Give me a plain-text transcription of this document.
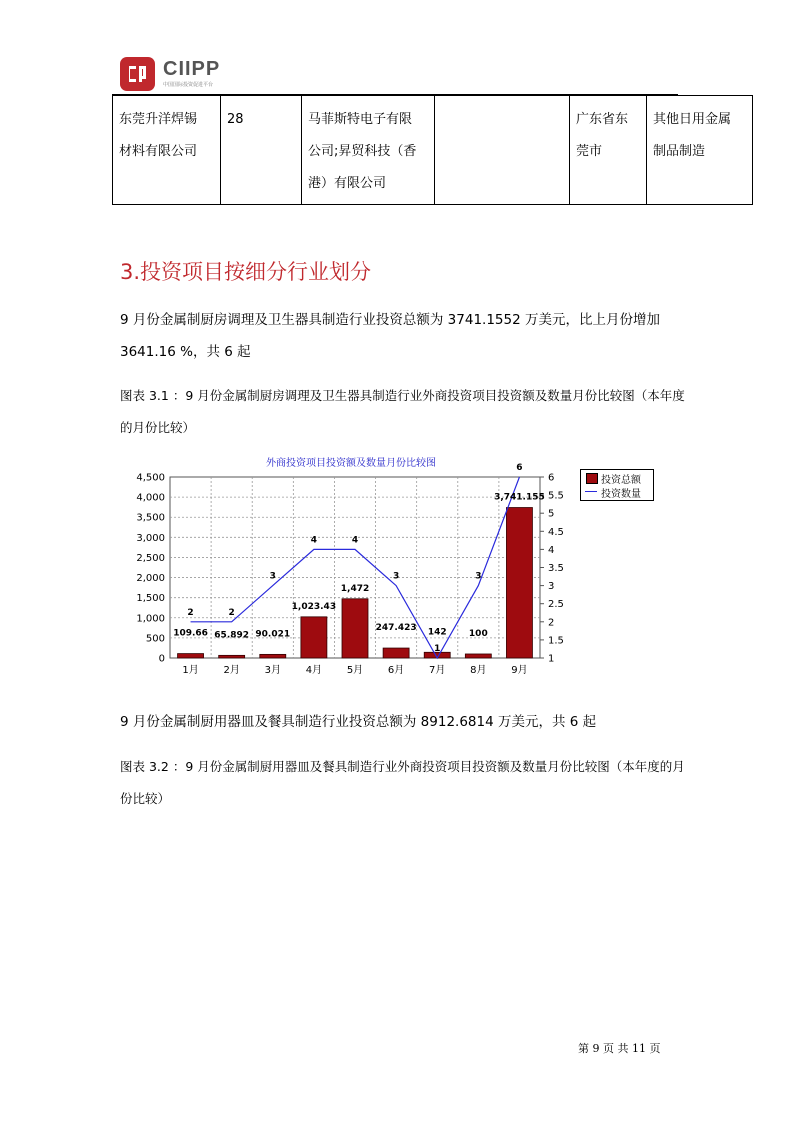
CIIPP
中国国际投资促进平台
东莞升洋焊锡
材料有限公司	28	马菲斯特电子有限
公司;昇贸科技（香
港）有限公司		广东省东
莞市	其他日用金属
制品制造
3.投资项目按细分行业划分
9 月份金属制厨房调理及卫生器具制造行业投资总额为 3741.1552 万美元，比上月份增加 3641.16 %，共 6 起
图表 3.1 ：9 月份金属制厨房调理及卫生器具制造行业外商投资项目投资额及数量月份比较图（本年度的月份比较）
外商投资项目投资额及数量月份比较图
0
500
1,000
1,500
2,000
2,500
3,000
3,500
4,000
4,500
1
1.5
2
2.5
3
3.5
4
4.5
5
5.5
6
109.66 65.892 90.021
1,023.43
1,472
247.423 142 100
3,741.155
2	2
3
4	4
3
1
3
6
1月 2月 3月 4月 5月 6月 7月 8月 9月
投资总额
投资数量
9 月份金属制厨用器皿及餐具制造行业投资总额为 8912.6814 万美元，共 6 起
图表 3.2 ：9 月份金属制厨用器皿及餐具制造行业外商投资项目投资额及数量月份比较图（本年度的月份比较）
第 9 页 共 11 页
